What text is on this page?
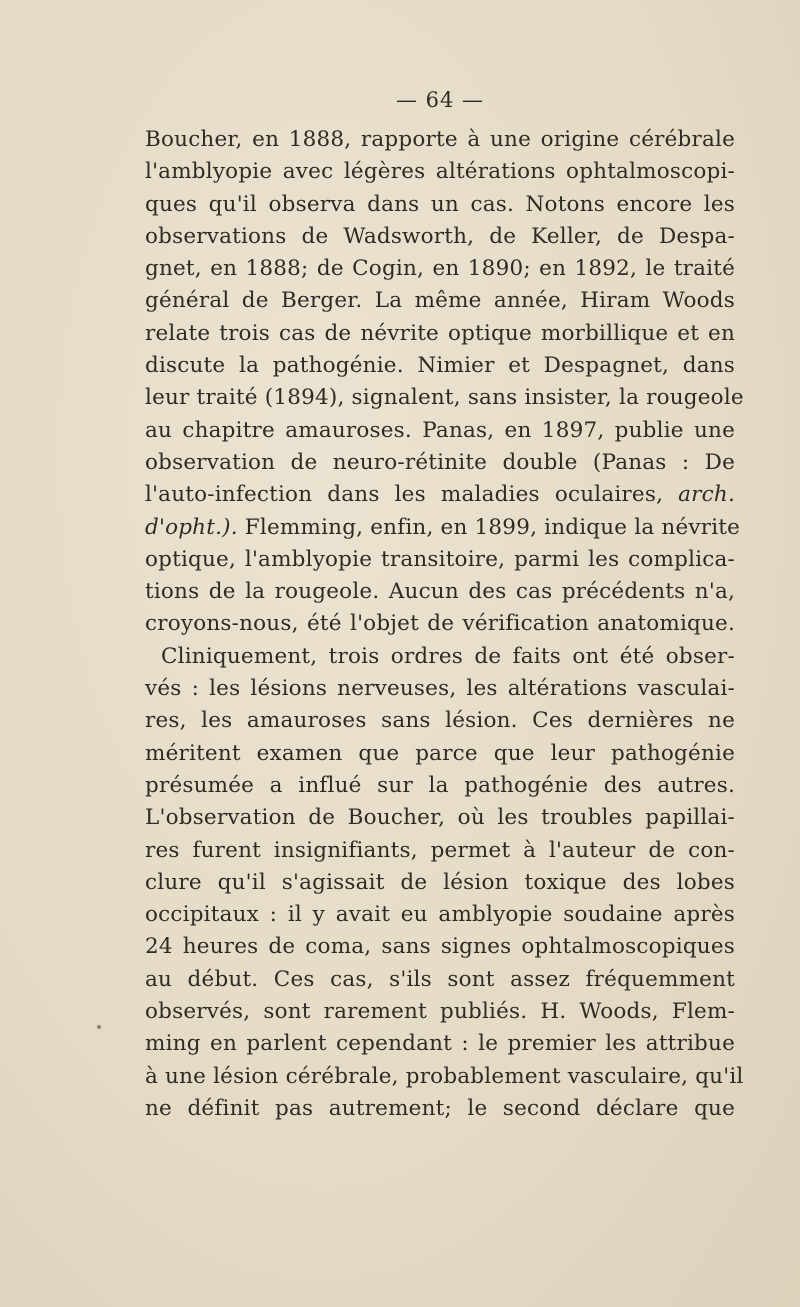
— 64 —
Boucher, en 1888, rapporte à une origine cérébrale
l'amblyopie avec légères altérations ophtalmoscopi-
ques qu'il observa dans un cas. Notons encore les
observations de Wadsworth, de Keller, de Despa-
gnet, en 1888; de Cogin, en 1890; en 1892, le traité
général de Berger. La même année, Hiram Woods
relate trois cas de névrite optique morbillique et en
discute la pathogénie. Nimier et Despagnet, dans
leur traité (1894), signalent, sans insister, la rougeole
au chapitre amauroses. Panas, en 1897, publie une
observation de neuro-rétinite double (Panas : De
l'auto-infection dans les maladies oculaires, arch.
d'opht.). Flemming, enfin, en 1899, indique la névrite
optique, l'amblyopie transitoire, parmi les complica-
tions de la rougeole. Aucun des cas précédents n'a,
croyons-nous, été l'objet de vérification anatomique.
Cliniquement, trois ordres de faits ont été obser-
vés : les lésions nerveuses, les altérations vasculai-
res, les amauroses sans lésion. Ces dernières ne
méritent examen que parce que leur pathogénie
présumée a influé sur la pathogénie des autres.
L'observation de Boucher, où les troubles papillai-
res furent insignifiants, permet à l'auteur de con-
clure qu'il s'agissait de lésion toxique des lobes
occipitaux : il y avait eu amblyopie soudaine après
24 heures de coma, sans signes ophtalmoscopiques
au début. Ces cas, s'ils sont assez fréquemment
observés, sont rarement publiés. H. Woods, Flem-
ming en parlent cependant : le premier les attribue
à une lésion cérébrale, probablement vasculaire, qu'il
ne définit pas autrement; le second déclare que
